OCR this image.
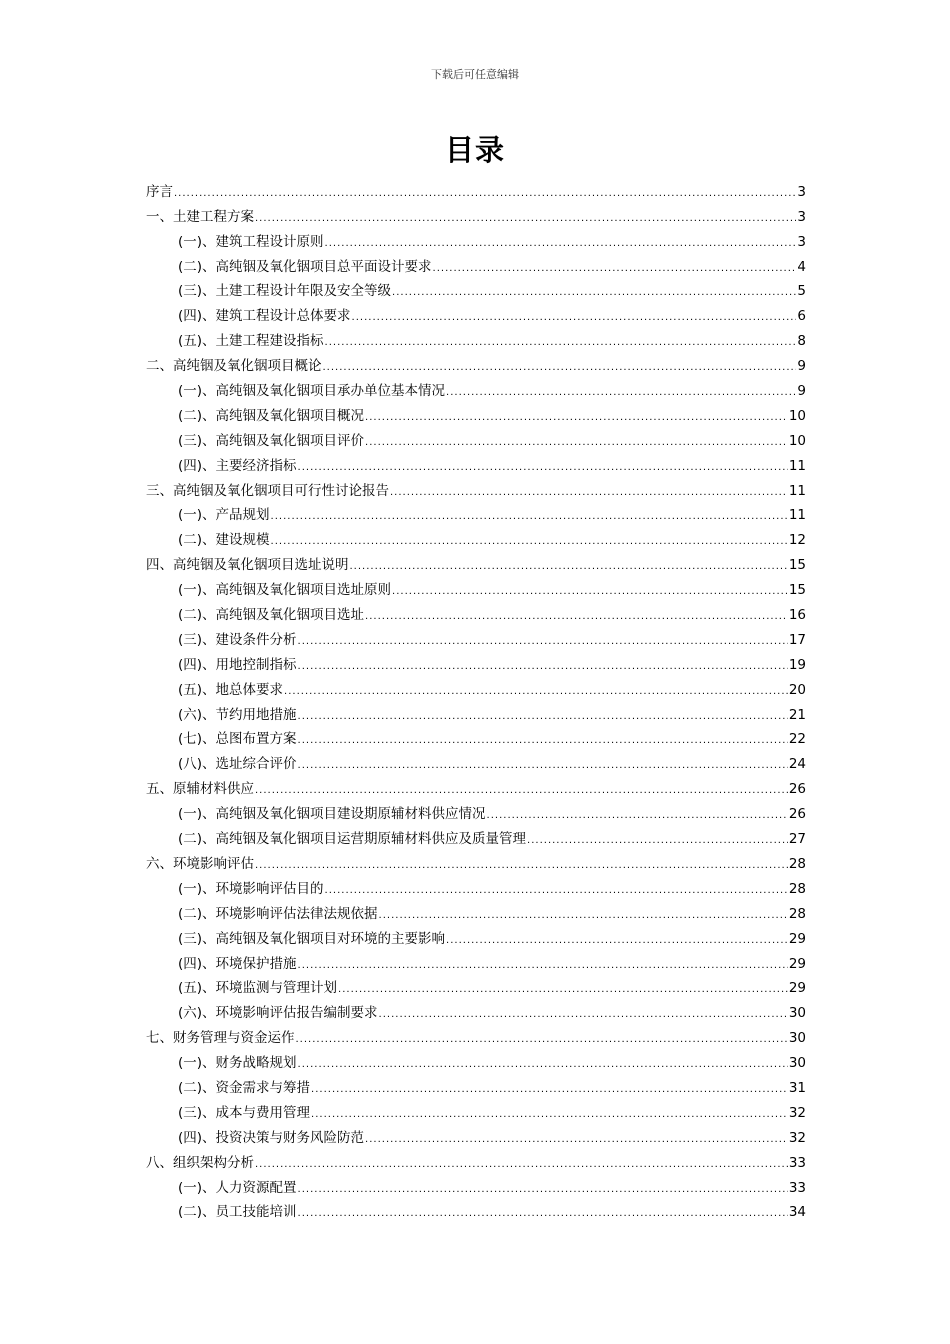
下载后可任意编辑
目录
序言 .....	3
一、土建工程方案 .....	3
(一)、建筑工程设计原则 .....	3
(二)、高纯铟及氧化铟项目总平面设计要求 .....	4
(三)、土建工程设计年限及安全等级 .....	5
(四)、建筑工程设计总体要求 .....	6
(五)、土建工程建设指标 .....	8
二、高纯铟及氧化铟项目概论 .....	9
(一)、高纯铟及氧化铟项目承办单位基本情况 .....	9
(二)、高纯铟及氧化铟项目概况 .....	10
(三)、高纯铟及氧化铟项目评价 .....	10
(四)、主要经济指标 .....	11
三、高纯铟及氧化铟项目可行性讨论报告 .....	11
(一)、产品规划 .....	11
(二)、建设规模 .....	12
四、高纯铟及氧化铟项目选址说明 .....	15
(一)、高纯铟及氧化铟项目选址原则 .....	15
(二)、高纯铟及氧化铟项目选址 .....	16
(三)、建设条件分析 .....	17
(四)、用地控制指标 .....	19
(五)、地总体要求 .....	20
(六)、节约用地措施 .....	21
(七)、总图布置方案 .....	22
(八)、选址综合评价 .....	24
五、原辅材料供应 .....	26
(一)、高纯铟及氧化铟项目建设期原辅材料供应情况 .....	26
(二)、高纯铟及氧化铟项目运营期原辅材料供应及质量管理 .....	27
六、环境影响评估 .....	28
(一)、环境影响评估目的 .....	28
(二)、环境影响评估法律法规依据 .....	28
(三)、高纯铟及氧化铟项目对环境的主要影响 .....	29
(四)、环境保护措施 .....	29
(五)、环境监测与管理计划 .....	29
(六)、环境影响评估报告编制要求 .....	30
七、财务管理与资金运作 .....	30
(一)、财务战略规划 .....	30
(二)、资金需求与筹措 .....	31
(三)、成本与费用管理 .....	32
(四)、投资决策与财务风险防范 .....	32
八、组织架构分析 .....	33
(一)、人力资源配置 .....	33
(二)、员工技能培训 .....	34
